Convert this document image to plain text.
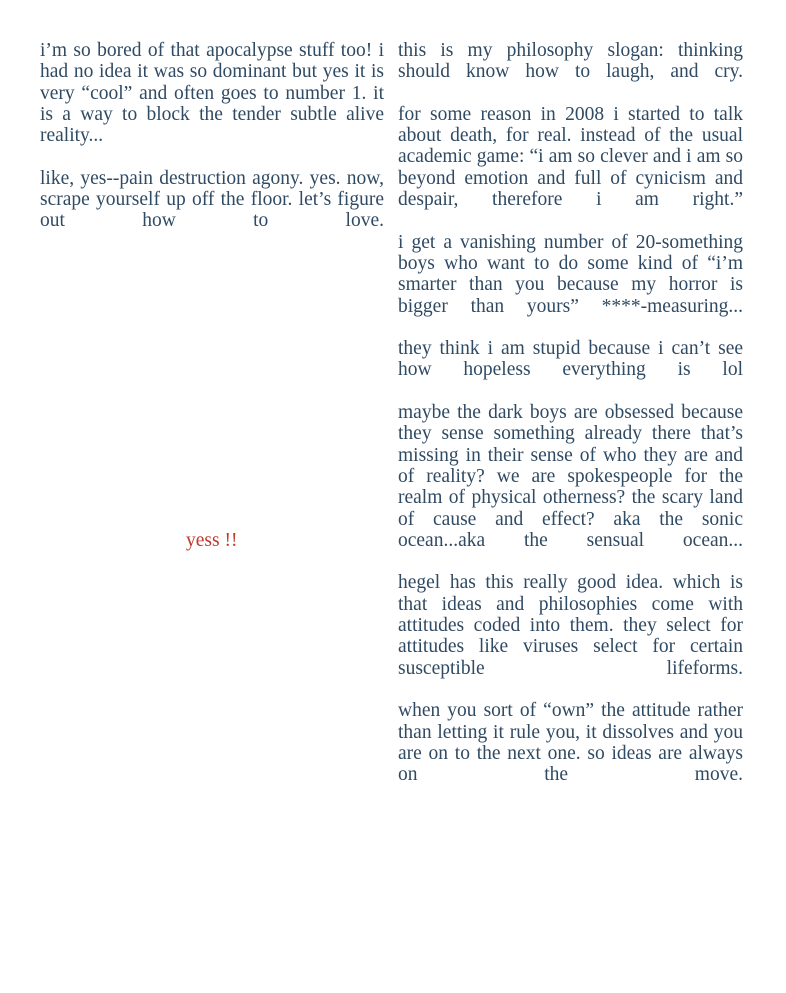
i’m so bored of that apocalypse stuff too! i had no idea it was so dominant but yes it is very “cool” and often goes to number 1. it is a way to block the tender subtle alive reality...

like, yes--pain destruction agony. yes. now, scrape yourself up off the floor. let’s figure out how to love.

yess !!

this is my philosophy slogan: thinking should know how to laugh, and cry.

for some reason in 2008 i started to talk about death, for real. instead of the usual academic game: “i am so clever and i am so beyond emotion and full of cynicism and despair, therefore i am right.”

i get a vanishing number of 20-something boys who want to do some kind of “i’m smarter than you because my horror is bigger than yours” ****-measuring...

they think i am stupid because i can’t see how hopeless everything is lol

maybe the dark boys are obsessed because they sense something already there that’s missing in their sense of who they are and of reality? we are spokespeople for the realm of physical otherness? the scary land of cause and effect? aka the sonic ocean...aka the sensual ocean...

hegel has this really good idea. which is that ideas and philosophies come with attitudes coded into them. they select for attitudes like viruses select for certain susceptible lifeforms.

when you sort of “own” the attitude rather than letting it rule you, it dissolves and you are on to the next one. so ideas are always on the move.
